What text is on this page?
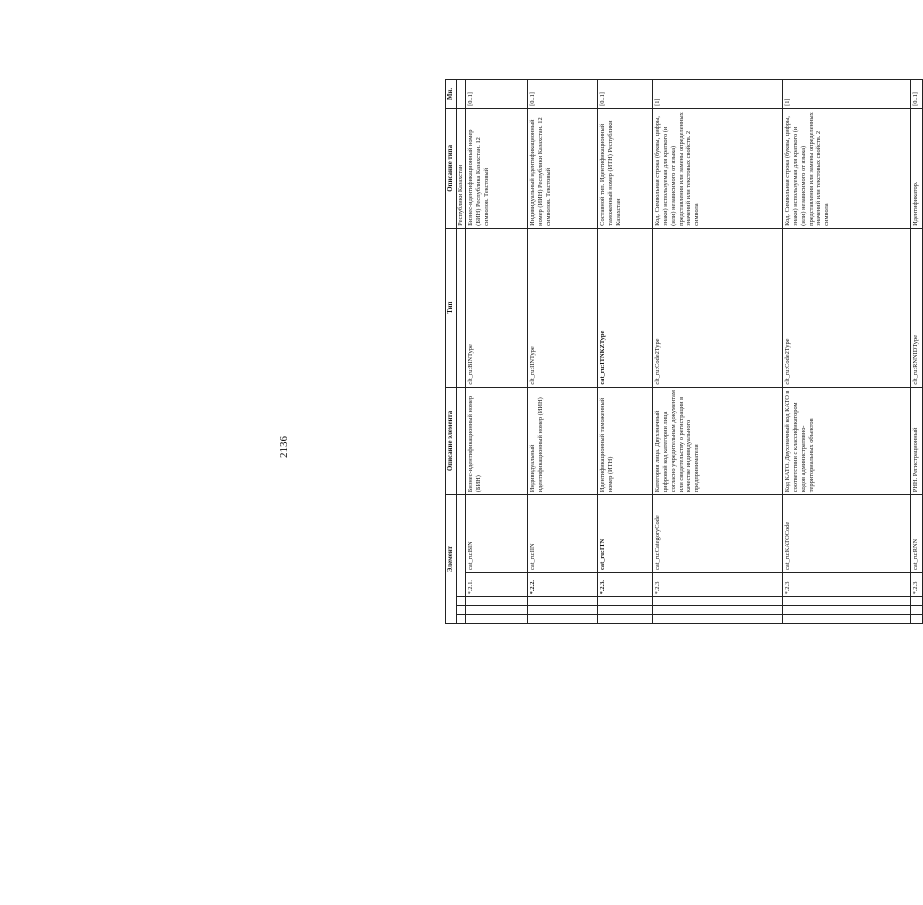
2136
Элемент					Описание элемента	Тип	Описание типа	Мн.
							Республики Казахстан	
			*.2.1.	cat_ru:BIN	Бизнес-идентификационный номер (БИН)	clt_ru:BINType	Бизнес-идентификационный номер (БИН) Республика Казахстан. 12 символов. Текстовый	[0..1]
			*.2.2.	cat_ru:IIN	Индивидуальный идентификационный номер (ИИН)	clt_ru:IINType	Индивидуальный идентификационный номер (ИИН) Республики Казахстан. 12 символов. Текстовый	[0..1]
			*.2.3.	cat_ru:ITN	Идентификационный таможенный номер (ИТН)	cat_ru:ITNKZType	Составной тип. Идентификационный таможенный номер (ИТН) Республики Казахстан	[0..1]
			*.2.3	cat_ru:CategoryCode	Категория лица. Двухзначный цифровой код категории лица согласно учредительным документам или свидетельству о регистрации в качестве индивидуального предпринимателя	clt_ru:Code2Type	Код. Символьная строка (буквы, цифры, знаки) используемая для краткого (и (или) независимого от языка) представления или замены определенных значений или текстовых свойств. 2 символа	[1]
			*.2.3	cat_ru:KATOCode	Код КАТО. Двухзначный код КАТО в соответствии с классификатором кодов административно-территориальных объектов	clt_ru:Code2Type	Код. Символьная строка (буквы, цифры, знаки) используемая для краткого (и (или) независимого от языка) представления или замены определенных значений или текстовых свойств. 2 символа	[1]
			*.2.3	cat_ru:RNN	РНН. Регистрационный	clt_ru:RNNIDType	Идентификатор.	[0..1]
